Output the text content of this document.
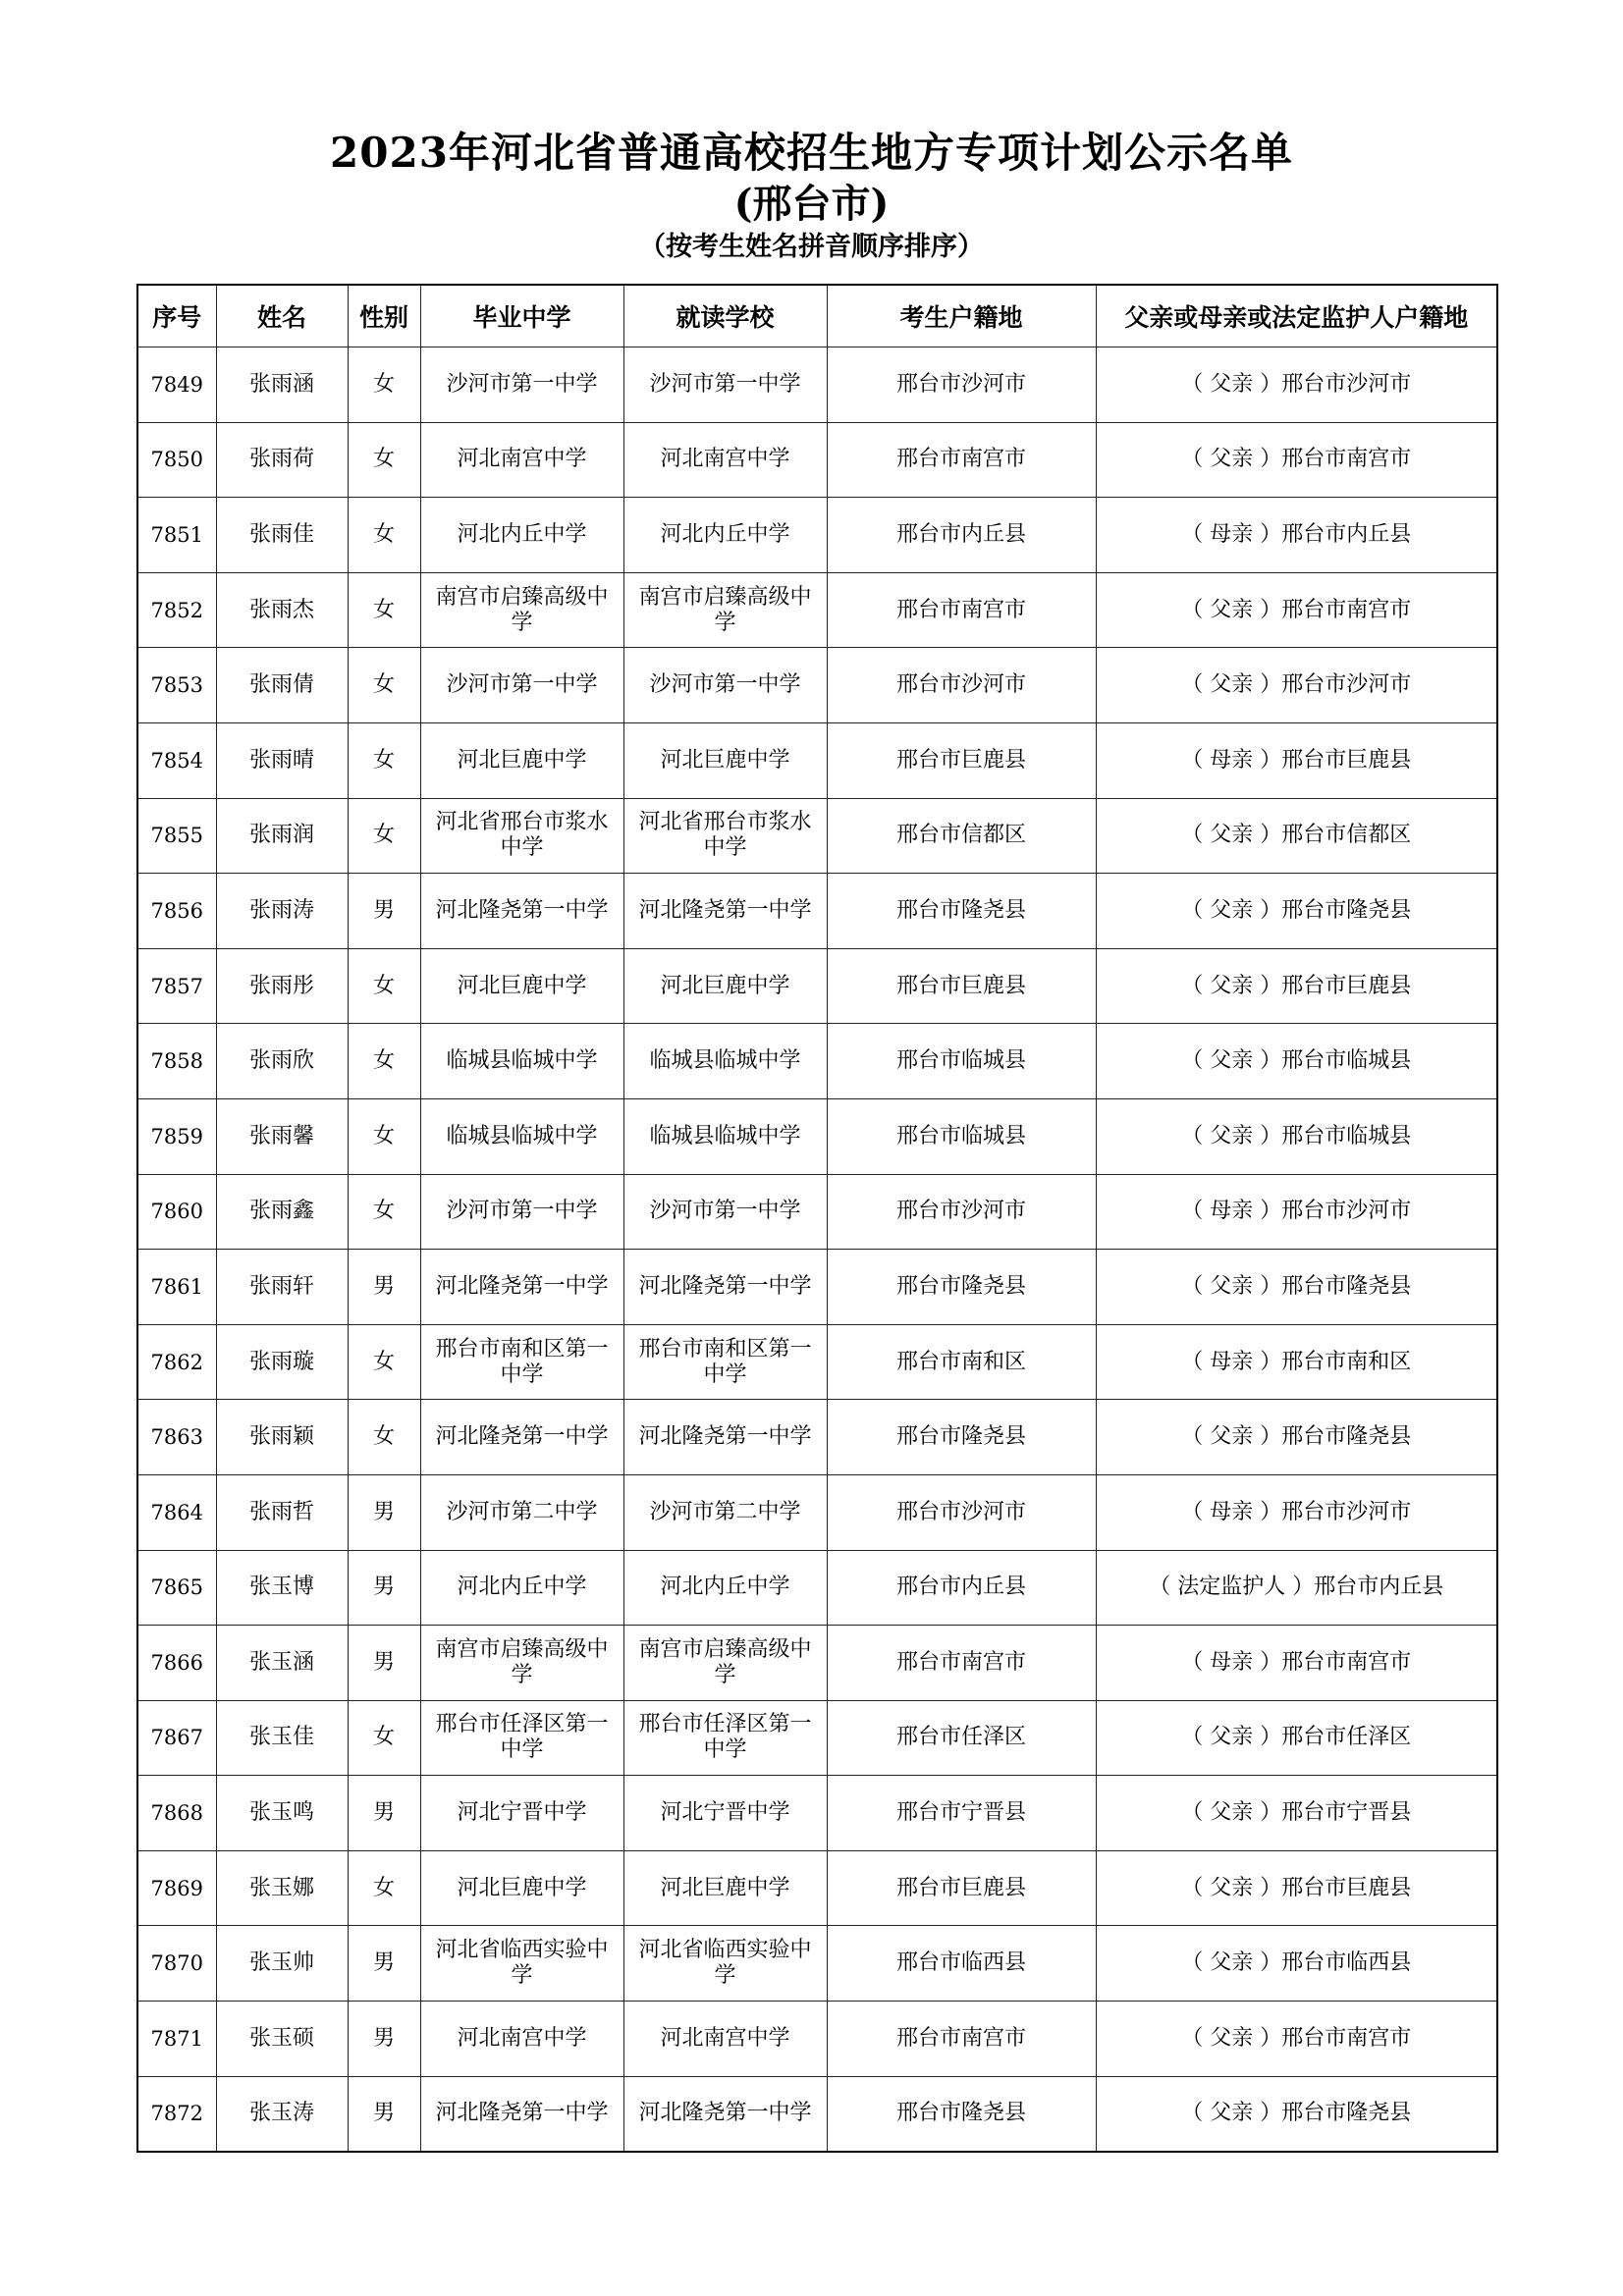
2023年河北省普通高校招生地方专项计划公示名单
(邢台市)
（按考生姓名拼音顺序排序）
序号	姓名	性别	毕业中学	就读学校	考生户籍地	父亲或母亲或法定监护人户籍地
7849	张雨涵	女	沙河市第一中学	沙河市第一中学	邢台市沙河市	（ 父亲 ）邢台市沙河市
7850	张雨荷	女	河北南宫中学	河北南宫中学	邢台市南宫市	（ 父亲 ）邢台市南宫市
7851	张雨佳	女	河北内丘中学	河北内丘中学	邢台市内丘县	（ 母亲 ）邢台市内丘县
7852	张雨杰	女	南宫市启臻高级中学	南宫市启臻高级中学	邢台市南宫市	（ 父亲 ）邢台市南宫市
7853	张雨倩	女	沙河市第一中学	沙河市第一中学	邢台市沙河市	（ 父亲 ）邢台市沙河市
7854	张雨晴	女	河北巨鹿中学	河北巨鹿中学	邢台市巨鹿县	（ 母亲 ）邢台市巨鹿县
7855	张雨润	女	河北省邢台市浆水中学	河北省邢台市浆水中学	邢台市信都区	（ 父亲 ）邢台市信都区
7856	张雨涛	男	河北隆尧第一中学	河北隆尧第一中学	邢台市隆尧县	（ 父亲 ）邢台市隆尧县
7857	张雨彤	女	河北巨鹿中学	河北巨鹿中学	邢台市巨鹿县	（ 父亲 ）邢台市巨鹿县
7858	张雨欣	女	临城县临城中学	临城县临城中学	邢台市临城县	（ 父亲 ）邢台市临城县
7859	张雨馨	女	临城县临城中学	临城县临城中学	邢台市临城县	（ 父亲 ）邢台市临城县
7860	张雨鑫	女	沙河市第一中学	沙河市第一中学	邢台市沙河市	（ 母亲 ）邢台市沙河市
7861	张雨轩	男	河北隆尧第一中学	河北隆尧第一中学	邢台市隆尧县	（ 父亲 ）邢台市隆尧县
7862	张雨璇	女	邢台市南和区第一中学	邢台市南和区第一中学	邢台市南和区	（ 母亲 ）邢台市南和区
7863	张雨颖	女	河北隆尧第一中学	河北隆尧第一中学	邢台市隆尧县	（ 父亲 ）邢台市隆尧县
7864	张雨哲	男	沙河市第二中学	沙河市第二中学	邢台市沙河市	（ 母亲 ）邢台市沙河市
7865	张玉博	男	河北内丘中学	河北内丘中学	邢台市内丘县	（ 法定监护人 ）邢台市内丘县
7866	张玉涵	男	南宫市启臻高级中学	南宫市启臻高级中学	邢台市南宫市	（ 母亲 ）邢台市南宫市
7867	张玉佳	女	邢台市任泽区第一中学	邢台市任泽区第一中学	邢台市任泽区	（ 父亲 ）邢台市任泽区
7868	张玉鸣	男	河北宁晋中学	河北宁晋中学	邢台市宁晋县	（ 父亲 ）邢台市宁晋县
7869	张玉娜	女	河北巨鹿中学	河北巨鹿中学	邢台市巨鹿县	（ 父亲 ）邢台市巨鹿县
7870	张玉帅	男	河北省临西实验中学	河北省临西实验中学	邢台市临西县	（ 父亲 ）邢台市临西县
7871	张玉硕	男	河北南宫中学	河北南宫中学	邢台市南宫市	（ 父亲 ）邢台市南宫市
7872	张玉涛	男	河北隆尧第一中学	河北隆尧第一中学	邢台市隆尧县	（ 父亲 ）邢台市隆尧县
